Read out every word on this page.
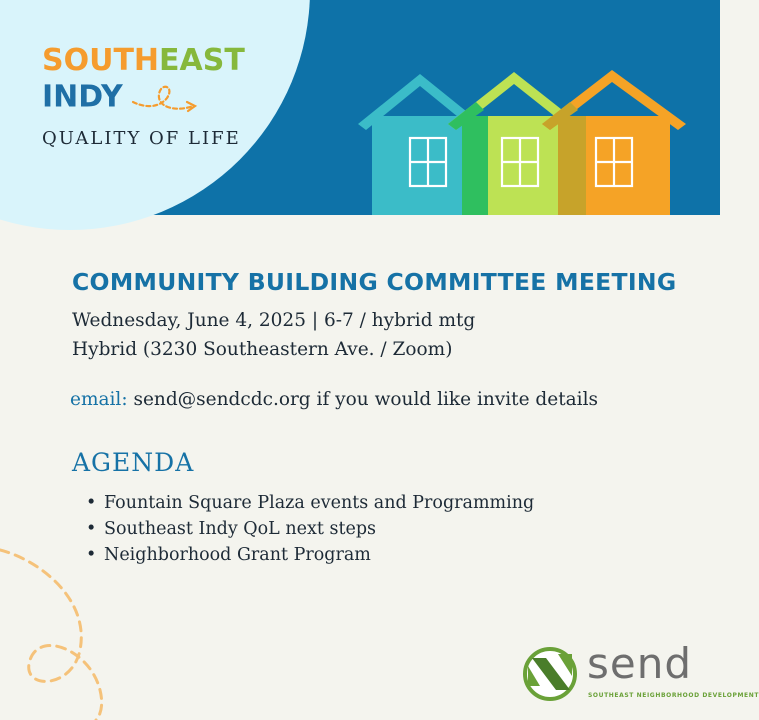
SOUTHEAST
INDY
QUALITY OF LIFE
COMMUNITY BUILDING COMMITTEE MEETING
Wednesday, June 4, 2025 | 6-7 / hybrid mtg
Hybrid (3230 Southeastern Ave. / Zoom)
email: send@sendcdc.org if you would like invite details
AGENDA
• Fountain Square Plaza events and Programming
• Southeast Indy QoL next steps
• Neighborhood Grant Program
send
SOUTHEAST NEIGHBORHOOD DEVELOPMENT
